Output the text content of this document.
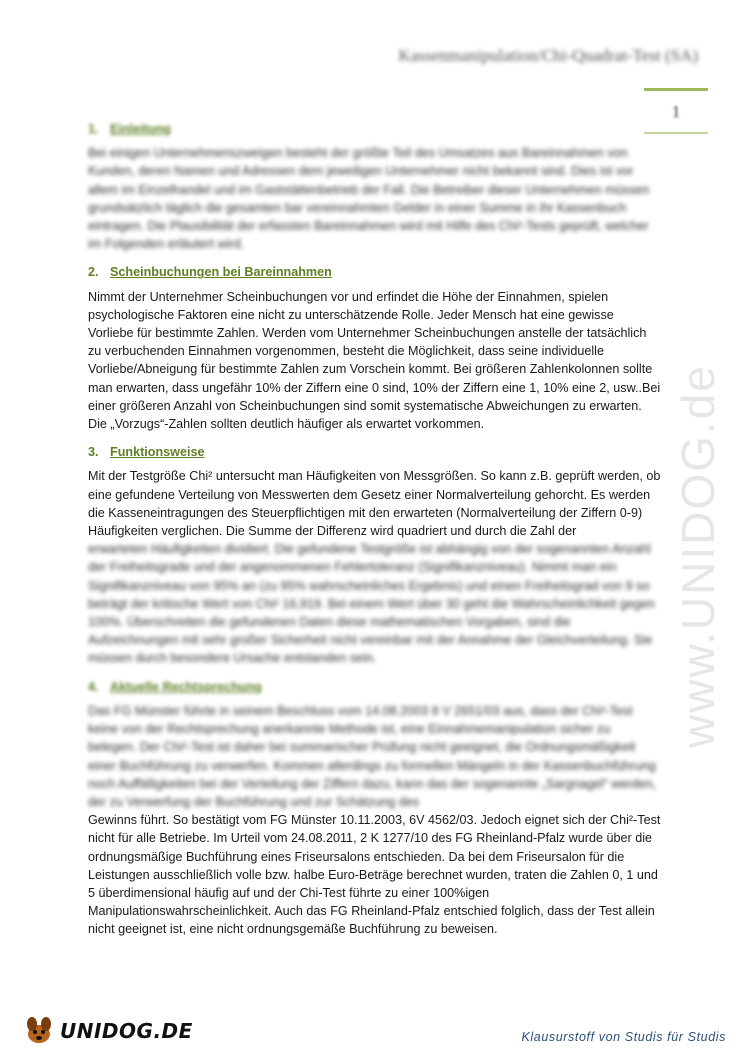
Kassenmanipulation/Chi-Quadrat-Test (SA)
1
1. Einleitung

Bei einigen Unternehmenszweigen besteht der größte Teil des Umsatzes aus Bareinnahmen von Kunden, deren Namen und Adressen dem jeweiligen Unternehmer nicht bekannt sind. Dies ist vor allem im Einzelhandel und im Gaststättenbetrieb der Fall. Die Betreiber dieser Unternehmen müssen grundsätzlich täglich die gesamten bar vereinnahmten Gelder in einer Summe in ihr Kassenbuch eintragen. Die Plausibilität der erfassten Bareinnahmen wird mit Hilfe des Chi²-Tests geprüft, welcher im Folgenden erläutert wird.

2. Scheinbuchungen bei Bareinnahmen

Nimmt der Unternehmer Scheinbuchungen vor und erfindet die Höhe der Einnahmen, spielen psychologische Faktoren eine nicht zu unterschätzende Rolle. Jeder Mensch hat eine gewisse Vorliebe für bestimmte Zahlen. Werden vom Unternehmer Scheinbuchungen anstelle der tatsächlich zu verbuchenden Einnahmen vorgenommen, besteht die Möglichkeit, dass seine individuelle Vorliebe/Abneigung für bestimmte Zahlen zum Vorschein kommt. Bei größeren Zahlenkolonnen sollte man erwarten, dass ungefähr 10% der Ziffern eine 0 sind, 10% der Ziffern eine 1, 10% eine 2, usw..Bei einer größeren Anzahl von Scheinbuchungen sind somit systematische Abweichungen zu erwarten. Die „Vorzugs“-Zahlen sollten deutlich häufiger als erwartet vorkommen.

3. Funktionsweise

Mit der Testgröße Chi² untersucht man Häufigkeiten von Messgrößen. So kann z.B. geprüft werden, ob eine gefundene Verteilung von Messwerten dem Gesetz einer Normalverteilung gehorcht. Es werden die Kasseneintragungen des Steuerpflichtigen mit den erwarteten (Normalverteilung der Ziffern 0-9) Häufigkeiten verglichen. Die Summe der Differenz wird quadriert und durch die Zahl der

erwarteten Häufigkeiten dividiert. Die gefundene Testgröße ist abhängig von der sogenannten Anzahl der Freiheitsgrade und der angenommenen Fehlertoleranz (Signifikanzniveau). Nimmt man ein Signifikanzniveau von 95% an (zu 95% wahrscheinliches Ergebnis) und einen Freiheitsgrad von 9 so beträgt der kritische Wert von Chi² 16,919. Bei einem Wert über 30 geht die Wahrscheinlichkeit gegen 100%. Überschreiten die gefundenen Daten diese mathematischen Vorgaben, sind die Aufzeichnungen mit sehr großer Sicherheit nicht vereinbar mit der Annahme der Gleichverteilung. Sie müssen durch besondere Ursache entstanden sein.

4. Aktuelle Rechtsprechung

Das FG Münster führte in seinem Beschluss vom 14.08.2003 8 V 2651/03 aus, dass der Chi²-Test keine von der Rechtsprechung anerkannte Methode ist, eine Einnahmemanipulation sicher zu belegen. Der Chi²-Test ist daher bei summarischer Prüfung nicht geeignet, die Ordnungsmäßigkeit einer Buchführung zu verwerfen. Kommen allerdings zu formellen Mängeln in der Kassenbuchführung noch Auffälligkeiten bei der Verteilung der Ziffern dazu, kann das der sogenannte „Sargnagel“ werden, der zu Verwerfung der Buchführung und zur Schätzung des

Gewinns führt. So bestätigt vom FG Münster 10.11.2003, 6V 4562/03. Jedoch eignet sich der Chi²-Test nicht für alle Betriebe. Im Urteil vom 24.08.2011, 2 K 1277/10 des FG Rheinland-Pfalz wurde über die ordnungsmäßige Buchführung eines Friseursalons entschieden. Da bei dem Friseursalon für die Leistungen ausschließlich volle bzw. halbe Euro-Beträge berechnet wurden, traten die Zahlen 0, 1 und 5 überdimensional häufig auf und der Chi-Test führte zu einer 100%igen Manipulationswahrscheinlichkeit. Auch das FG Rheinland-Pfalz entschied folglich, dass der Test allein nicht geeignet ist, eine nicht ordnungsgemäße Buchführung zu beweisen.

www.UNIDOG.de
UNIDOG.DE	Klausurstoff von Studis für Studis
